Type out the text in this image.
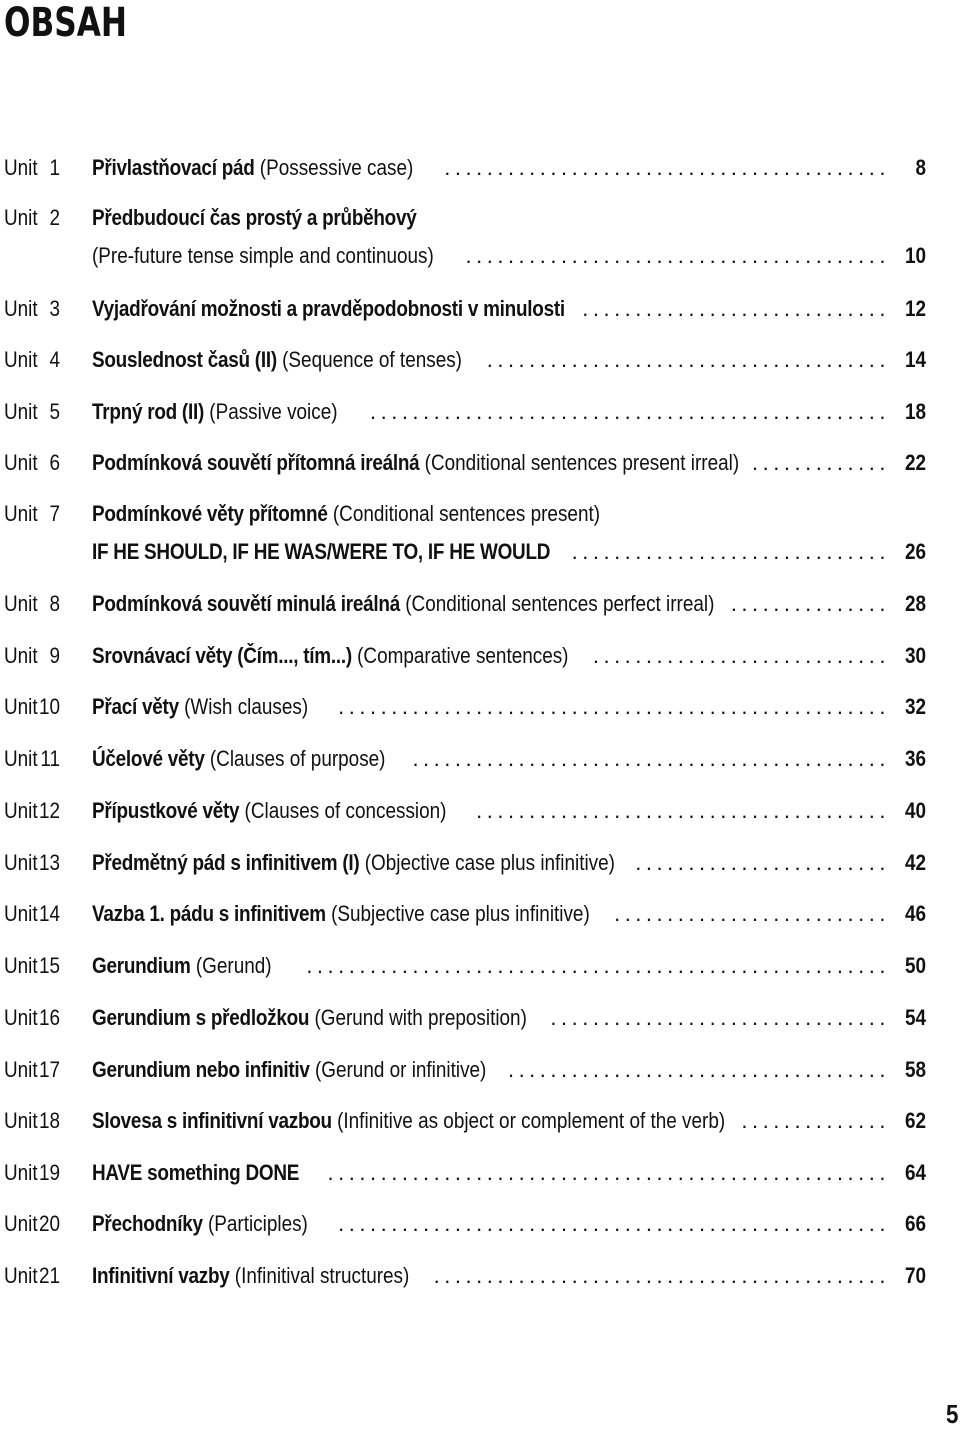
OBSAH
Unit 1 Přivlastňovací pád (Possessive case)	..........................................	8
Unit 2 Předbudoucí čas prostý a průběhový
(Pre-future tense simple and continuous)	........................................ 10
Unit 3 Vyjadřování možnosti a pravděpodobnosti v minulosti ............................. 12
Unit 4 Souslednost časů (II) (Sequence of tenses)	...................................... 14
Unit 5 Trpný rod (II) (Passive voice)	................................................. 18
Unit 6 Podmínková souvětí přítomná ireálná (Conditional sentences present irreal) ............. 22
Unit 7 Podmínkové věty přítomné (Conditional sentences present)
IF HE SHOULD, IF HE WAS/WERE TO, IF HE WOULD .............................. 26
Unit 8 Podmínková souvětí minulá ireálná (Conditional sentences perfect irreal) ............... 28
Unit 9 Srovnávací věty (Čím..., tím...) (Comparative sentences)	............................ 30
Unit10 Přací věty (Wish clauses)	.................................................... 32
Unit 11 Účelové věty (Clauses of purpose)	............................................. 36
Unit12 Přípustkové věty (Clauses of concession)	....................................... 40
Unit13 Předmětný pád s infinitivem (I) (Objective case plus infinitive) ........................ 42
Unit14 Vazba 1. pádu s infinitivem (Subjective case plus infinitive)	.......................... 46
Unit15 Gerundium (Gerund)	....................................................... 50
Unit16 Gerundium s předložkou (Gerund with preposition)	................................ 54
Unit17 Gerundium nebo infinitiv (Gerund or infinitive) .................................... 58
Unit18 Slovesa s infinitivní vazbou (Infinitive as object or complement of the verb) .............. 62
Unit19 HAVE something DONE	..................................................... 64
Unit20 Přechodníky (Participles)	.................................................... 66
Unit21 Infinitivní vazby (Infinitival structures)	........................................... 70
5
